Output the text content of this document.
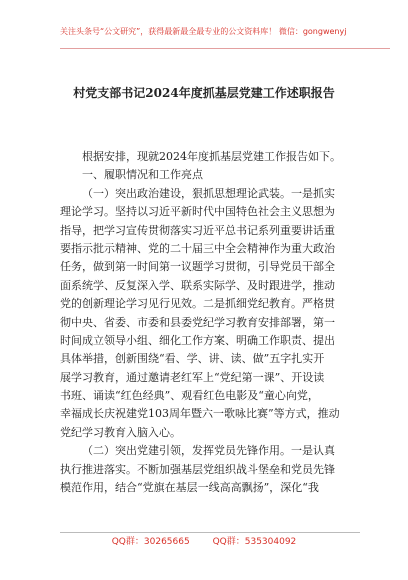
关注头条号“公文研究”，获得最新最全最专业的公文资料库！ 微信：gongwenyj
村党支部书记2024年度抓基层党建工作述职报告
根据安排，现就2024年度抓基层党建工作报告如下。
一、履职情况和工作亮点
（一）突出政治建设，狠抓思想理论武装。一是抓实
理论学习。坚持以习近平新时代中国特色社会主义思想为
指导，把学习宣传贯彻落实习近平总书记系列重要讲话重
要指示批示精神、党的二十届三中全会精神作为重大政治
任务，做到第一时间第一议题学习贯彻，引导党员干部全
面系统学、反复深入学、联系实际学、及时跟进学，推动
党的创新理论学习见行见效。二是抓细党纪教育。严格贯
彻中央、省委、市委和县委党纪学习教育安排部署，第一
时间成立领导小组、细化工作方案、明确工作职责、提出
具体举措，创新围绕“看、学、讲、读、做”五字扎实开
展学习教育，通过邀请老红军上“党纪第一课”、开设读
书班、诵读“红色经典”、观看红色电影及“童心向党，
幸福成长庆祝建党103周年暨六一歌咏比赛”等方式，推动
党纪学习教育入脑入心。
（二）突出党建引领，发挥党员先锋作用。一是认真
执行推进落实。不断加强基层党组织战斗堡垒和党员先锋
模范作用，结合“党旗在基层一线高高飘扬”，深化“我
QQ群：30265665	QQ群：535304092
